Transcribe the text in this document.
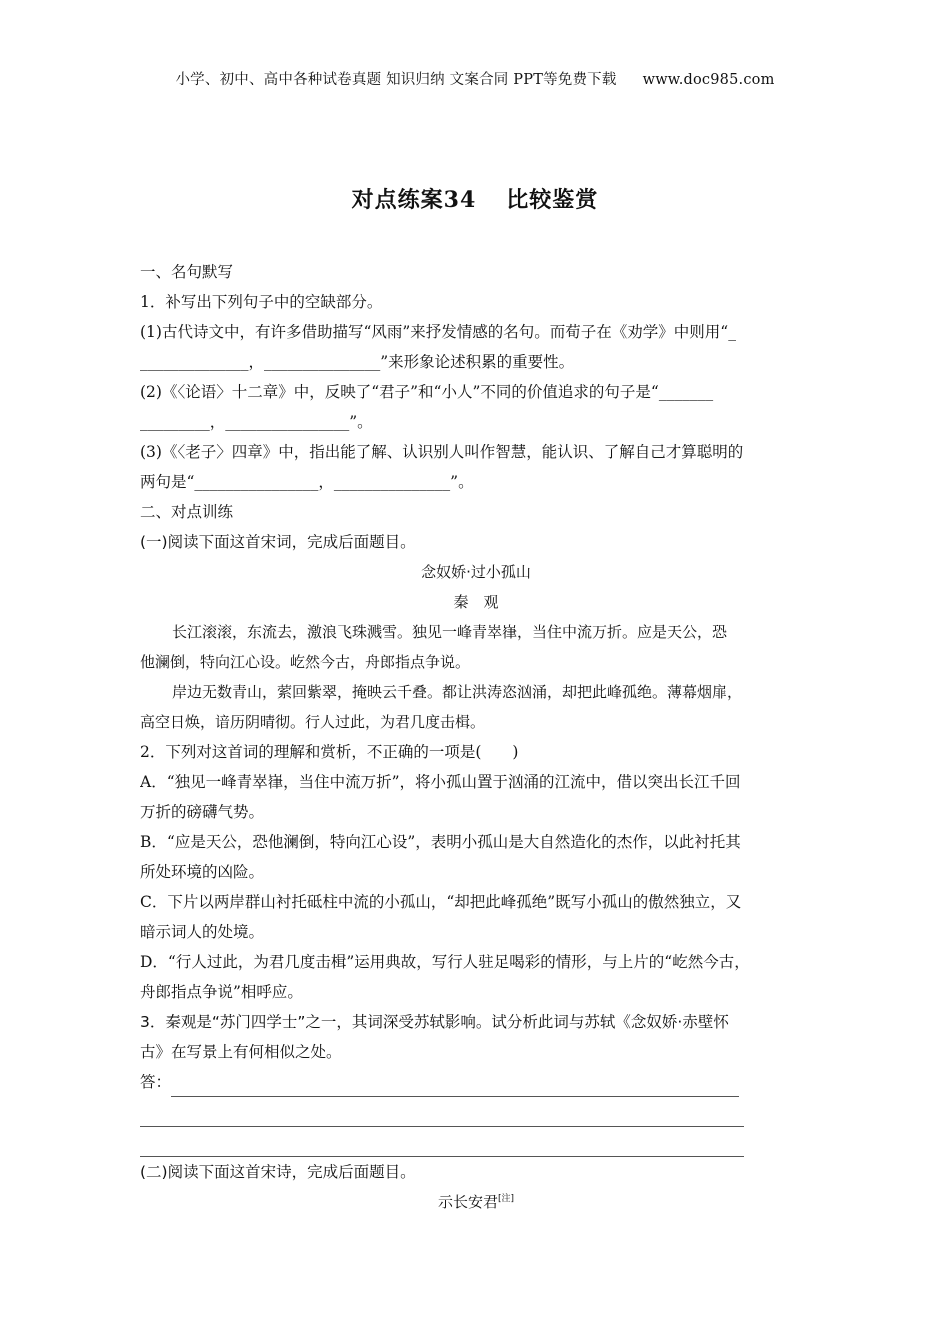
小学、初中、高中各种试卷真题 知识归纳 文案合同 PPT等免费下载 www.doc985.com
对点练案34 比较鉴赏
一、名句默写
1．补写出下列句子中的空缺部分。
(1)古代诗文中，有许多借助描写“风雨”来抒发情感的名句。而荀子在《劝学》中则用“_
______________，_______________”来形象论述积累的重要性。
(2)《〈论语〉十二章》中，反映了“君子”和“小人”不同的价值追求的句子是“_______
_________，________________”。
(3)《〈老子〉四章》中，指出能了解、认识别人叫作智慧，能认识、了解自己才算聪明的
两句是“________________，_______________”。
二、对点训练
(一)阅读下面这首宋词，完成后面题目。
念奴娇·过小孤山
秦　观
长江滚滚，东流去，激浪飞珠溅雪。独见一峰青崒嵂，当住中流万折。应是天公，恐
他澜倒，特向江心设。屹然今古，舟郎指点争说。
岸边无数青山，萦回紫翠，掩映云千叠。都让洪涛恣汹涌，却把此峰孤绝。薄幕烟扉，
高空日焕，谙历阴晴彻。行人过此，为君几度击楫。
2．下列对这首词的理解和赏析，不正确的一项是(　　)
A．“独见一峰青崒嵂，当住中流万折”，将小孤山置于汹涌的江流中，借以突出长江千回
万折的磅礴气势。
B．“应是天公，恐他澜倒，特向江心设”，表明小孤山是大自然造化的杰作，以此衬托其
所处环境的凶险。
C．下片以两岸群山衬托砥柱中流的小孤山，“却把此峰孤绝”既写小孤山的傲然独立，又
暗示词人的处境。
D．“行人过此，为君几度击楫”运用典故，写行人驻足喝彩的情形，与上片的“屹然今古，
舟郎指点争说”相呼应。
3．秦观是“苏门四学士”之一，其词深受苏轼影响。试分析此词与苏轼《念奴娇·赤壁怀
古》在写景上有何相似之处。
答：
(二)阅读下面这首宋诗，完成后面题目。
示长安君[注]
